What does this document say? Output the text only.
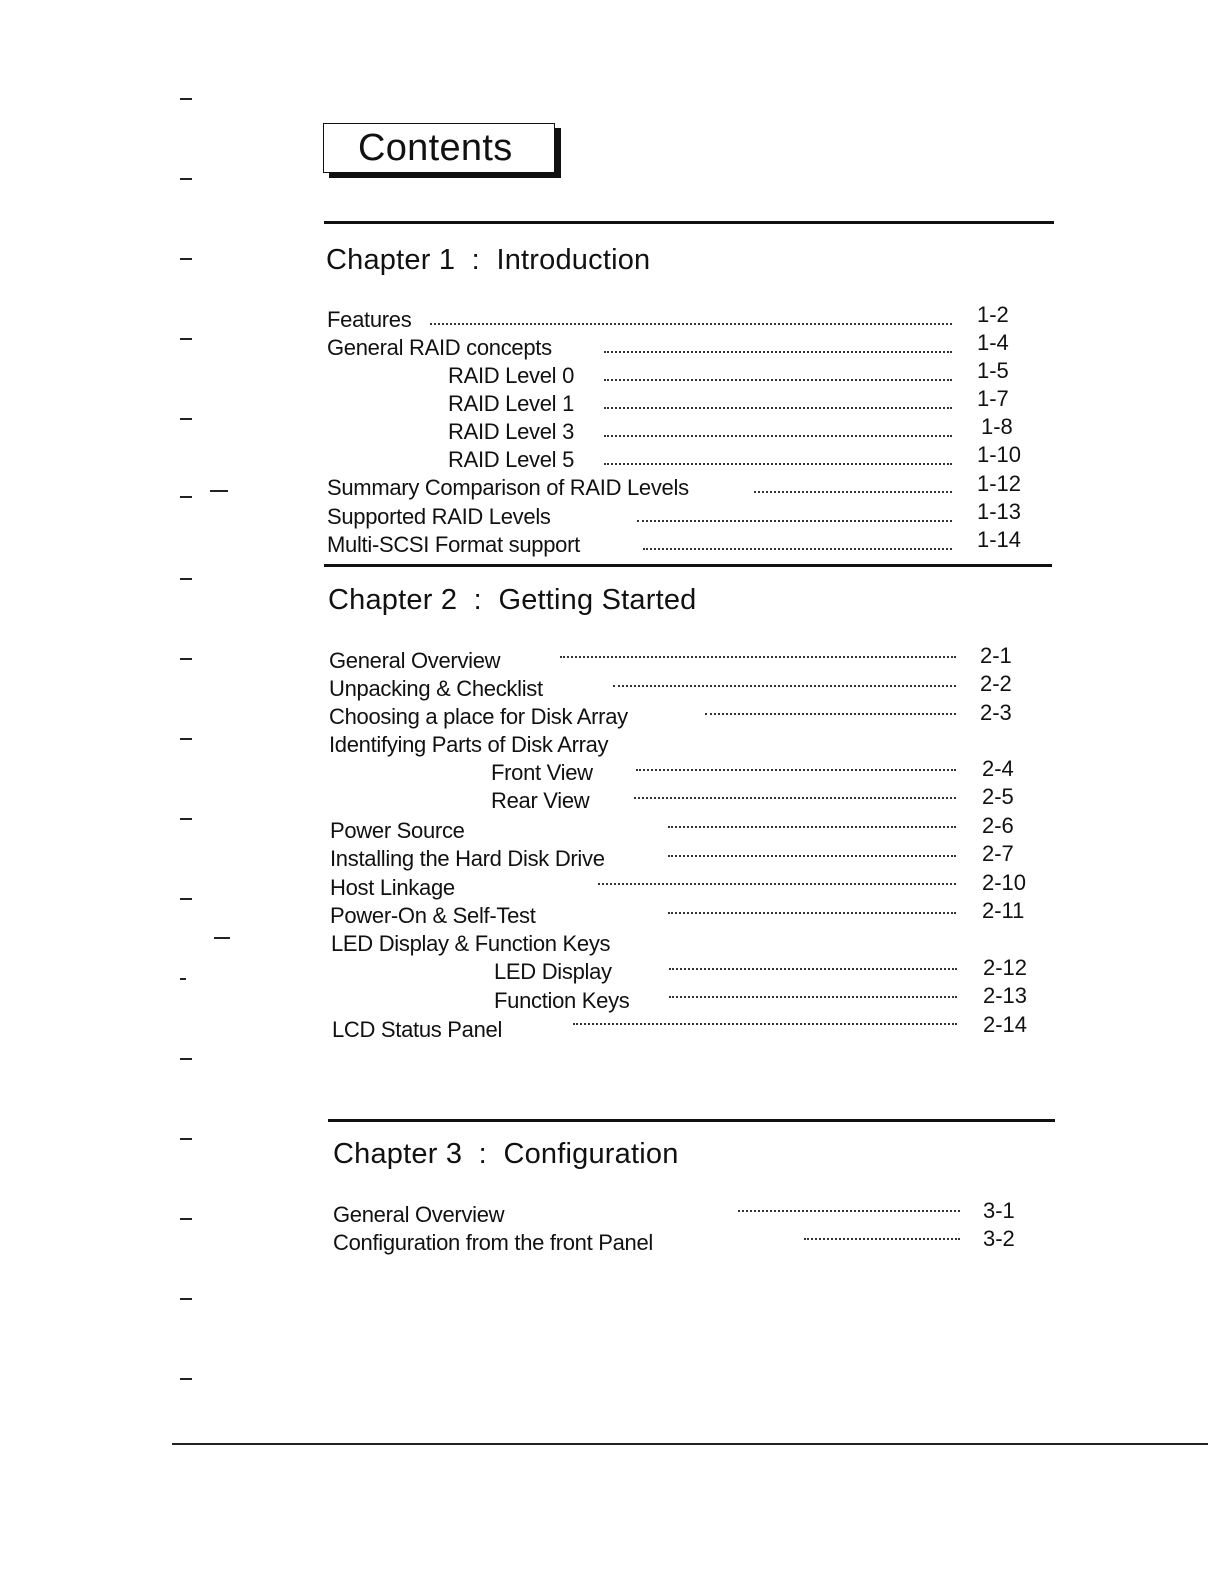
Contents
Chapter 1  :  Introduction
Features	1-2
General RAID concepts	1-4
RAID Level 0	1-5
RAID Level 1	1-7
RAID Level 3	1-8
RAID Level 5	1-10
Summary Comparison of RAID Levels	1-12
Supported RAID Levels	1-13
Multi-SCSI Format support	1-14
Chapter 2  :  Getting Started
General Overview	2-1
Unpacking & Checklist	2-2
Choosing a place for Disk Array	2-3
Identifying Parts of Disk Array
Front View	2-4
Rear View	2-5
Power Source	2-6
Installing the Hard Disk Drive	2-7
Host Linkage	2-10
Power-On & Self-Test	2-11
LED Display & Function Keys
LED Display	2-12
Function Keys	2-13
LCD Status Panel	2-14
Chapter 3  :  Configuration
General Overview	3-1
Configuration from the front Panel	3-2
